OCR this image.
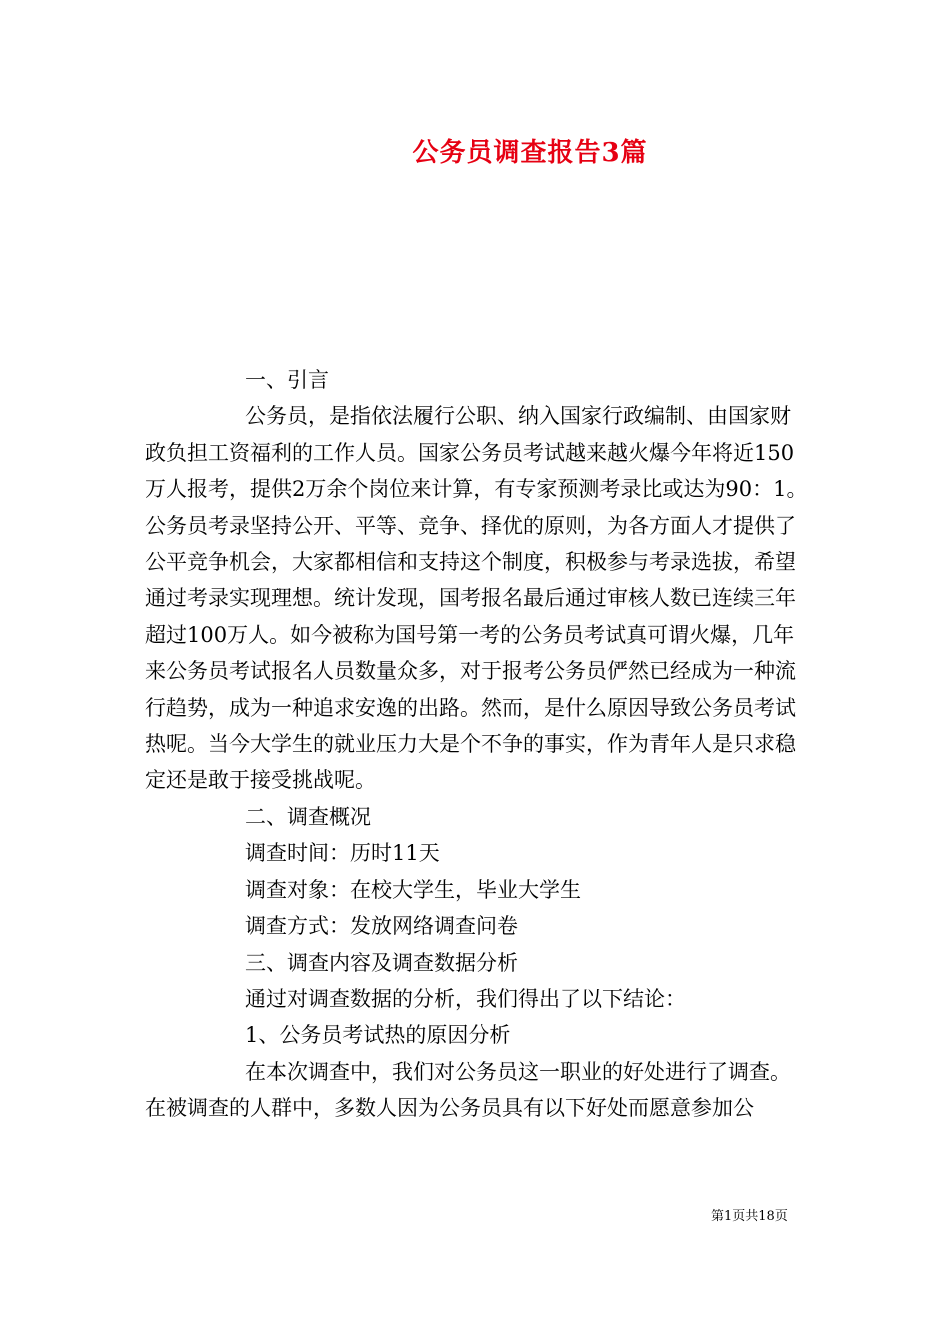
公务员调查报告3篇

一、引言

公务员，是指依法履行公职、纳入国家行政编制、由国家财政负担工资福利的工作人员。国家公务员考试越来越火爆今年将近150万人报考，提供2万余个岗位来计算，有专家预测考录比或达为90：1。公务员考录坚持公开、平等、竞争、择优的原则，为各方面人才提供了公平竞争机会，大家都相信和支持这个制度，积极参与考录选拔，希望通过考录实现理想。统计发现，国考报名最后通过审核人数已连续三年超过100万人。如今被称为国号第一考的公务员考试真可谓火爆，几年来公务员考试报名人员数量众多，对于报考公务员俨然已经成为一种流行趋势，成为一种追求安逸的出路。然而，是什么原因导致公务员考试热呢。当今大学生的就业压力大是个不争的事实，作为青年人是只求稳定还是敢于接受挑战呢。

二、调查概况

调查时间：历时11天

调查对象：在校大学生，毕业大学生

调查方式：发放网络调查问卷

三、调查内容及调查数据分析

通过对调查数据的分析，我们得出了以下结论：

1、公务员考试热的原因分析

在本次调查中，我们对公务员这一职业的好处进行了调查。在被调查的人群中，多数人因为公务员具有以下好处而愿意参加公

第1页共18页
